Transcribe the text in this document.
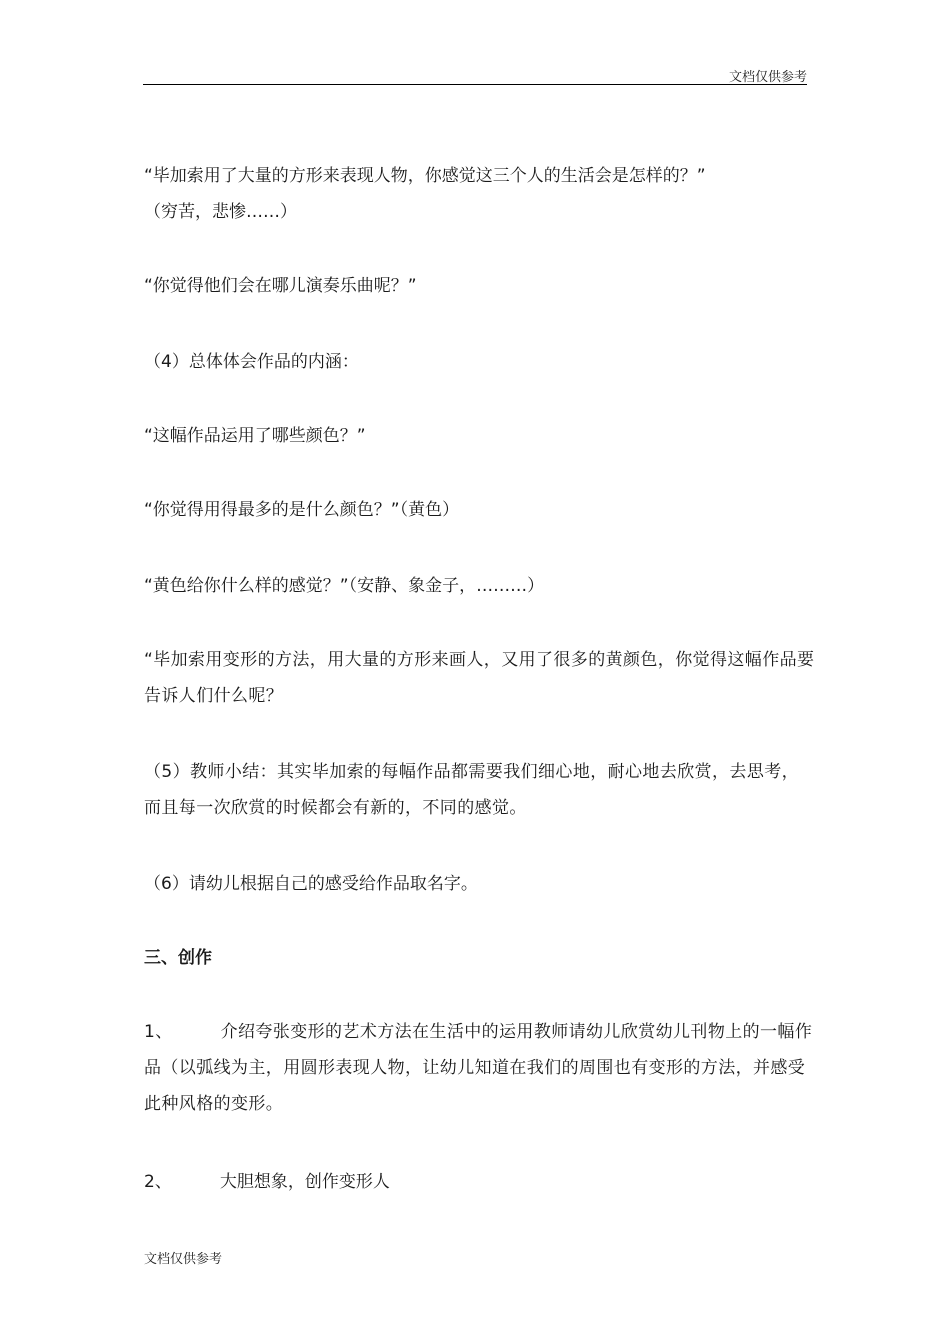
文档仅供参考

“毕加索用了大量的方形来表现人物，你感觉这三个人的生活会是怎样的？”

（穷苦，悲惨……）

“你觉得他们会在哪儿演奏乐曲呢？”

（4）总体体会作品的内涵：

“这幅作品运用了哪些颜色？”

“你觉得用得最多的是什么颜色？”（黄色）

“黄色给你什么样的感觉？”（安静、象金子，………）

“毕加索用变形的方法，用大量的方形来画人，又用了很多的黄颜色，你觉得这幅作品要告诉人们什么呢？

（5）教师小结：其实毕加索的每幅作品都需要我们细心地，耐心地去欣赏，去思考，而且每一次欣赏的时候都会有新的，不同的感觉。

（6）请幼儿根据自己的感受给作品取名字。

三、创作

1、	介绍夸张变形的艺术方法在生活中的运用教师请幼儿欣赏幼儿刊物上的一幅作品（以弧线为主，用圆形表现人物，让幼儿知道在我们的周围也有变形的方法，并感受此种风格的变形。

2、	大胆想象，创作变形人

文档仅供参考
